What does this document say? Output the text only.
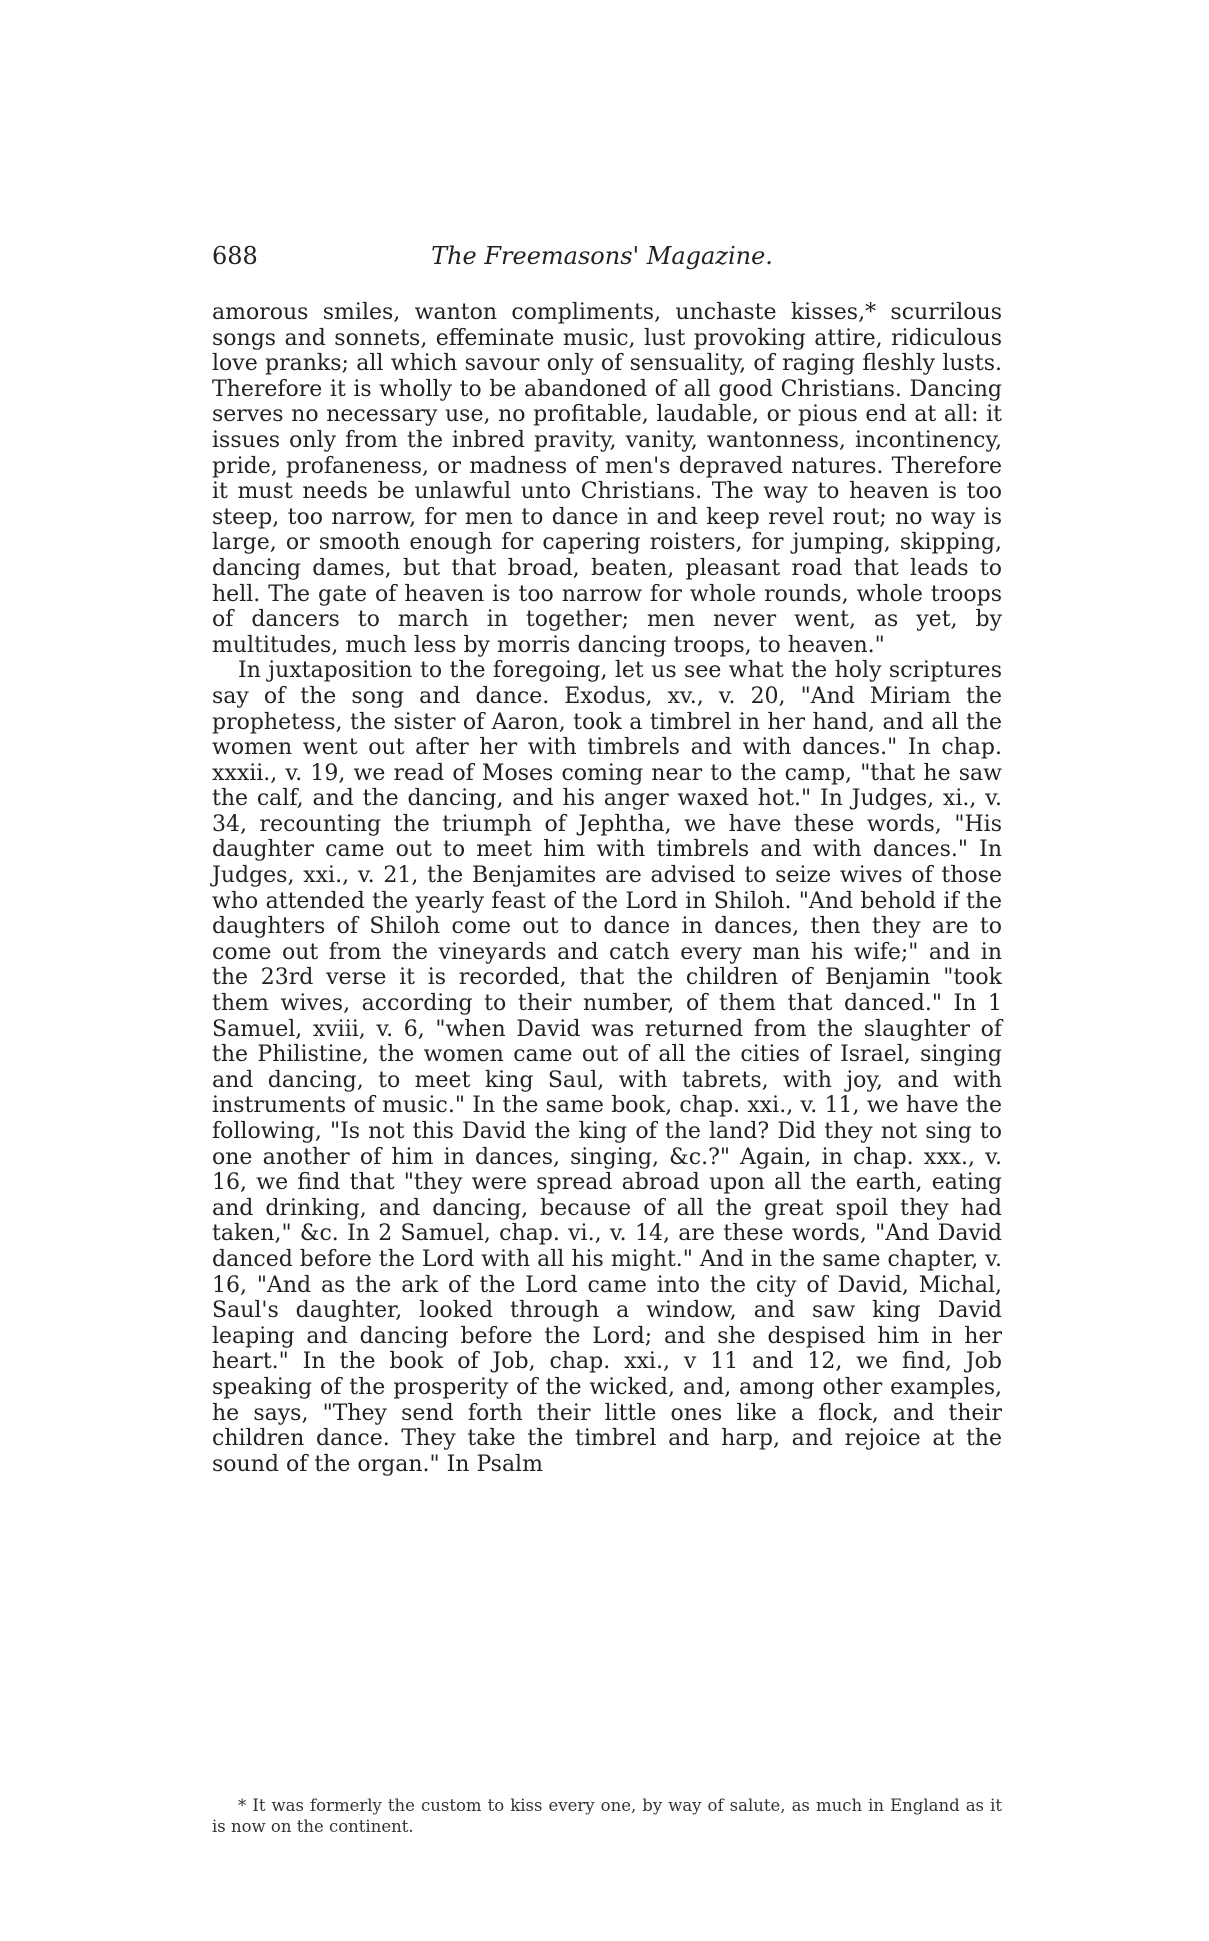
688	The Freemasons' Magazine.

amorous smiles, wanton compliments, unchaste kisses,* scurrilous songs and sonnets, effeminate music, lust provoking attire, ridiculous love pranks; all which savour only of sensuality, of raging fleshly lusts. Therefore it is wholly to be abandoned of all good Christians. Dancing serves no necessary use, no profitable, laudable, or pious end at all: it issues only from the inbred pravity, vanity, wantonness, incontinency, pride, profaneness, or madness of men's depraved natures. Therefore it must needs be unlawful unto Christians. The way to heaven is too steep, too narrow, for men to dance in and keep revel rout; no way is large, or smooth enough for capering roisters, for jumping, skipping, dancing dames, but that broad, beaten, pleasant road that leads to hell. The gate of heaven is too narrow for whole rounds, whole troops of dancers to march in together; men never went, as yet, by multitudes, much less by morris dancing troops, to heaven."

In juxtaposition to the foregoing, let us see what the holy scriptures say of the song and dance. Exodus, xv., v. 20, "And Miriam the prophetess, the sister of Aaron, took a timbrel in her hand, and all the women went out after her with timbrels and with dances." In chap. xxxii., v. 19, we read of Moses coming near to the camp, "that he saw the calf, and the dancing, and his anger waxed hot." In Judges, xi., v. 34, recounting the triumph of Jephtha, we have these words, "His daughter came out to meet him with timbrels and with dances." In Judges, xxi., v. 21, the Benjamites are advised to seize wives of those who attended the yearly feast of the Lord in Shiloh. "And behold if the daughters of Shiloh come out to dance in dances, then they are to come out from the vineyards and catch every man his wife;" and in the 23rd verse it is recorded, that the children of Benjamin "took them wives, according to their number, of them that danced." In 1 Samuel, xviii, v. 6, "when David was returned from the slaughter of the Philistine, the women came out of all the cities of Israel, singing and dancing, to meet king Saul, with tabrets, with joy, and with instruments of music." In the same book, chap. xxi., v. 11, we have the following, "Is not this David the king of the land? Did they not sing to one another of him in dances, singing, &c.?" Again, in chap. xxx., v. 16, we find that "they were spread abroad upon all the earth, eating and drinking, and dancing, because of all the great spoil they had taken," &c. In 2 Samuel, chap. vi., v. 14, are these words, "And David danced before the Lord with all his might." And in the same chapter, v. 16, "And as the ark of the Lord came into the city of David, Michal, Saul's daughter, looked through a window, and saw king David leaping and dancing before the Lord; and she despised him in her heart." In the book of Job, chap. xxi., v 11 and 12, we find, Job speaking of the prosperity of the wicked, and, among other examples, he says, "They send forth their little ones like a flock, and their children dance. They take the timbrel and harp, and rejoice at the sound of the organ." In Psalm

* It was formerly the custom to kiss every one, by way of salute, as much in England as it is now on the continent.
